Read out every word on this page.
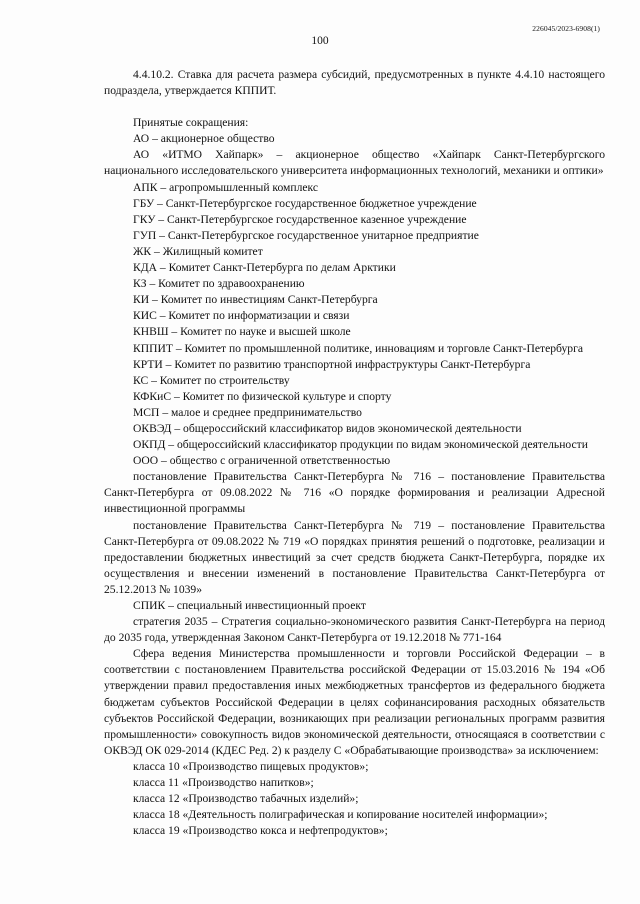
226045/2023-6908(1)
100

4.4.10.2. Ставка для расчета размера субсидий, предусмотренных в пункте 4.4.10 настоящего подраздела, утверждается КППИТ.

Принятые сокращения:

АО – акционерное общество

АО «ИТМО Хайпарк» – акционерное общество «Хайпарк Санкт-Петербургского национального исследовательского университета информационных технологий, механики и оптики»

АПК – агропромышленный комплекс

ГБУ – Санкт-Петербургское государственное бюджетное учреждение

ГКУ – Санкт-Петербургское государственное казенное учреждение

ГУП – Санкт-Петербургское государственное унитарное предприятие

ЖК – Жилищный комитет

КДА – Комитет Санкт-Петербурга по делам Арктики

КЗ – Комитет по здравоохранению

КИ – Комитет по инвестициям Санкт-Петербурга

КИС – Комитет по информатизации и связи

КНВШ – Комитет по науке и высшей школе

КППИТ – Комитет по промышленной политике, инновациям и торговле Санкт-Петербурга

КРТИ – Комитет по развитию транспортной инфраструктуры Санкт-Петербурга

КС – Комитет по строительству

КФКиС – Комитет по физической культуре и спорту

МСП – малое и среднее предпринимательство

ОКВЭД – общероссийский классификатор видов экономической деятельности

ОКПД – общероссийский классификатор продукции по видам экономической деятельности

ООО – общество с ограниченной ответственностью

постановление Правительства Санкт-Петербурга № 716 – постановление Правительства Санкт-Петербурга от 09.08.2022 № 716 «О порядке формирования и реализации Адресной инвестиционной программы

постановление Правительства Санкт-Петербурга № 719 – постановление Правительства Санкт-Петербурга от 09.08.2022 № 719 «О порядках принятия решений о подготовке, реализации и предоставлении бюджетных инвестиций за счет средств бюджета Санкт-Петербурга, порядке их осуществления и внесении изменений в постановление Правительства Санкт-Петербурга от 25.12.2013 № 1039»

СПИК – специальный инвестиционный проект

стратегия 2035 – Стратегия социально-экономического развития Санкт-Петербурга на период до 2035 года, утвержденная Законом Санкт-Петербурга от 19.12.2018 № 771-164

Сфера ведения Министерства промышленности и торговли Российской Федерации – в соответствии с постановлением Правительства российской Федерации от 15.03.2016 № 194 «Об утверждении правил предоставления иных межбюджетных трансфертов из федерального бюджета бюджетам субъектов Российской Федерации в целях софинансирования расходных обязательств субъектов Российской Федерации, возникающих при реализации региональных программ развития промышленности» совокупность видов экономической деятельности, относящаяся в соответствии с ОКВЭД ОК 029-2014 (КДЕС Ред. 2) к разделу С «Обрабатывающие производства» за исключением:

класса 10 «Производство пищевых продуктов»;

класса 11 «Производство напитков»;

класса 12 «Производство табачных изделий»;

класса 18 «Деятельность полиграфическая и копирование носителей информации»;

класса 19 «Производство кокса и нефтепродуктов»;
